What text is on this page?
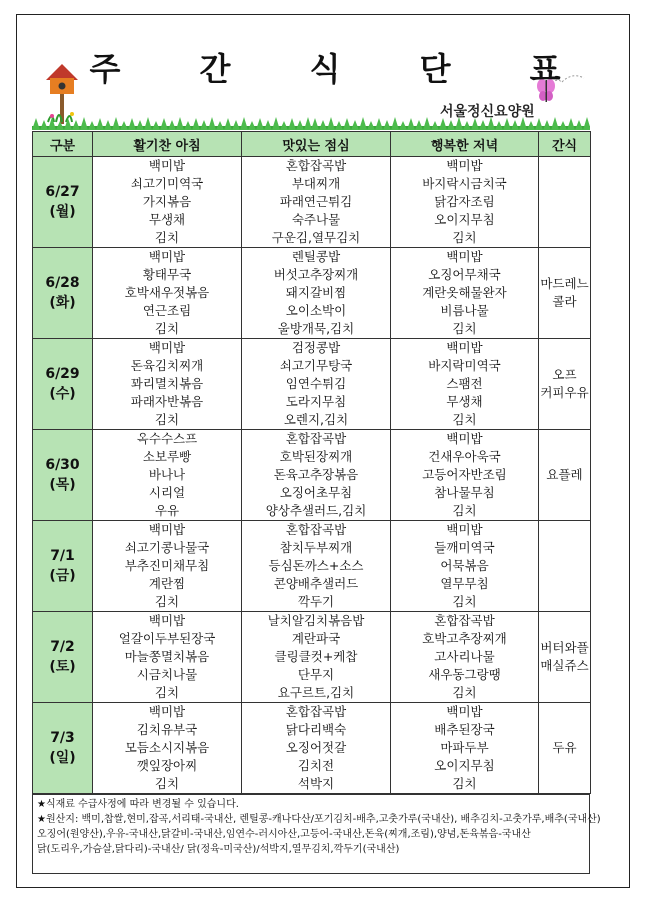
주 간 식 단 표
서울정신요양원
구분	활기찬 아침	맛있는 점심	행복한 저녁	간식

6/27
(월)	백미밥
쇠고기미역국
가지볶음
무생채
김치	혼합잡곡밥
부대찌개
파래연근튀김
숙주나물
구운김,열무김치	백미밥
바지락시금치국
닭감자조림
오이지무침
김치	

6/28
(화)	백미밥
황태무국
호박새우젓볶음
연근조림
김치	렌틸콩밥
버섯고추장찌개
돼지갈비찜
오이소박이
울방개묵,김치	백미밥
오징어무채국
계란옷해물완자
비름나물
김치	마드레느
콜라

6/29
(수)	백미밥
돈육김치찌개
꽈리멸치볶음
파래자반볶음
김치	검정콩밥
쇠고기무탕국
임연수튀김
도라지무침
오렌지,김치	백미밥
바지락미역국
스팸전
무생채
김치	오프
커피우유

6/30
(목)	옥수수스프
소보루빵
바나나
시리얼
우유	혼합잡곡밥
호박된장찌개
돈육고추장볶음
오징어초무침
양상추샐러드,김치	백미밥
건새우아욱국
고등어자반조림
참나물무침
김치	요플레

7/1
(금)	백미밥
쇠고기콩나물국
부추진미채무침
계란찜
김치	혼합잡곡밥
참치두부찌개
등심돈까스+소스
콘양배추샐러드
깍두기	백미밥
들깨미역국
어묵볶음
열무무침
김치	

7/2
(토)	백미밥
얼갈이두부된장국
마늘쫑멸치볶음
시금치나물
김치	날치알김치볶음밥
계란파국
클링클컷+케찹
단무지
요구르트,김치	혼합잡곡밥
호박고추장찌개
고사리나물
새우동그랑땡
김치	버터와플
매실쥬스

7/3
(일)	백미밥
김치유부국
모듬소시지볶음
깻잎장아찌
김치	혼합잡곡밥
닭다리백숙
오징어젓갈
김치전
석박지	백미밥
배추된장국
마파두부
오이지무침
김치	두유
★식재료 수급사정에 따라 변경될 수 있습니다.
★원산지: 백미,찹쌀,현미,잡곡,서리태-국내산, 렌틸콩-캐나다산/포기김치-배추,고춧가루(국내산), 배추김치-고춧가루,배추(국내산)
오징어(원양산),우유-국내산,닭갈비-국내산,임연수-러시아산,고등어-국내산,돈육(찌개,조림),양념,돈육볶음-국내산
닭(도리우,가슴살,닭다리)-국내산/ 닭(정육-미국산)/석박지,열무김치,깍두기(국내산)
